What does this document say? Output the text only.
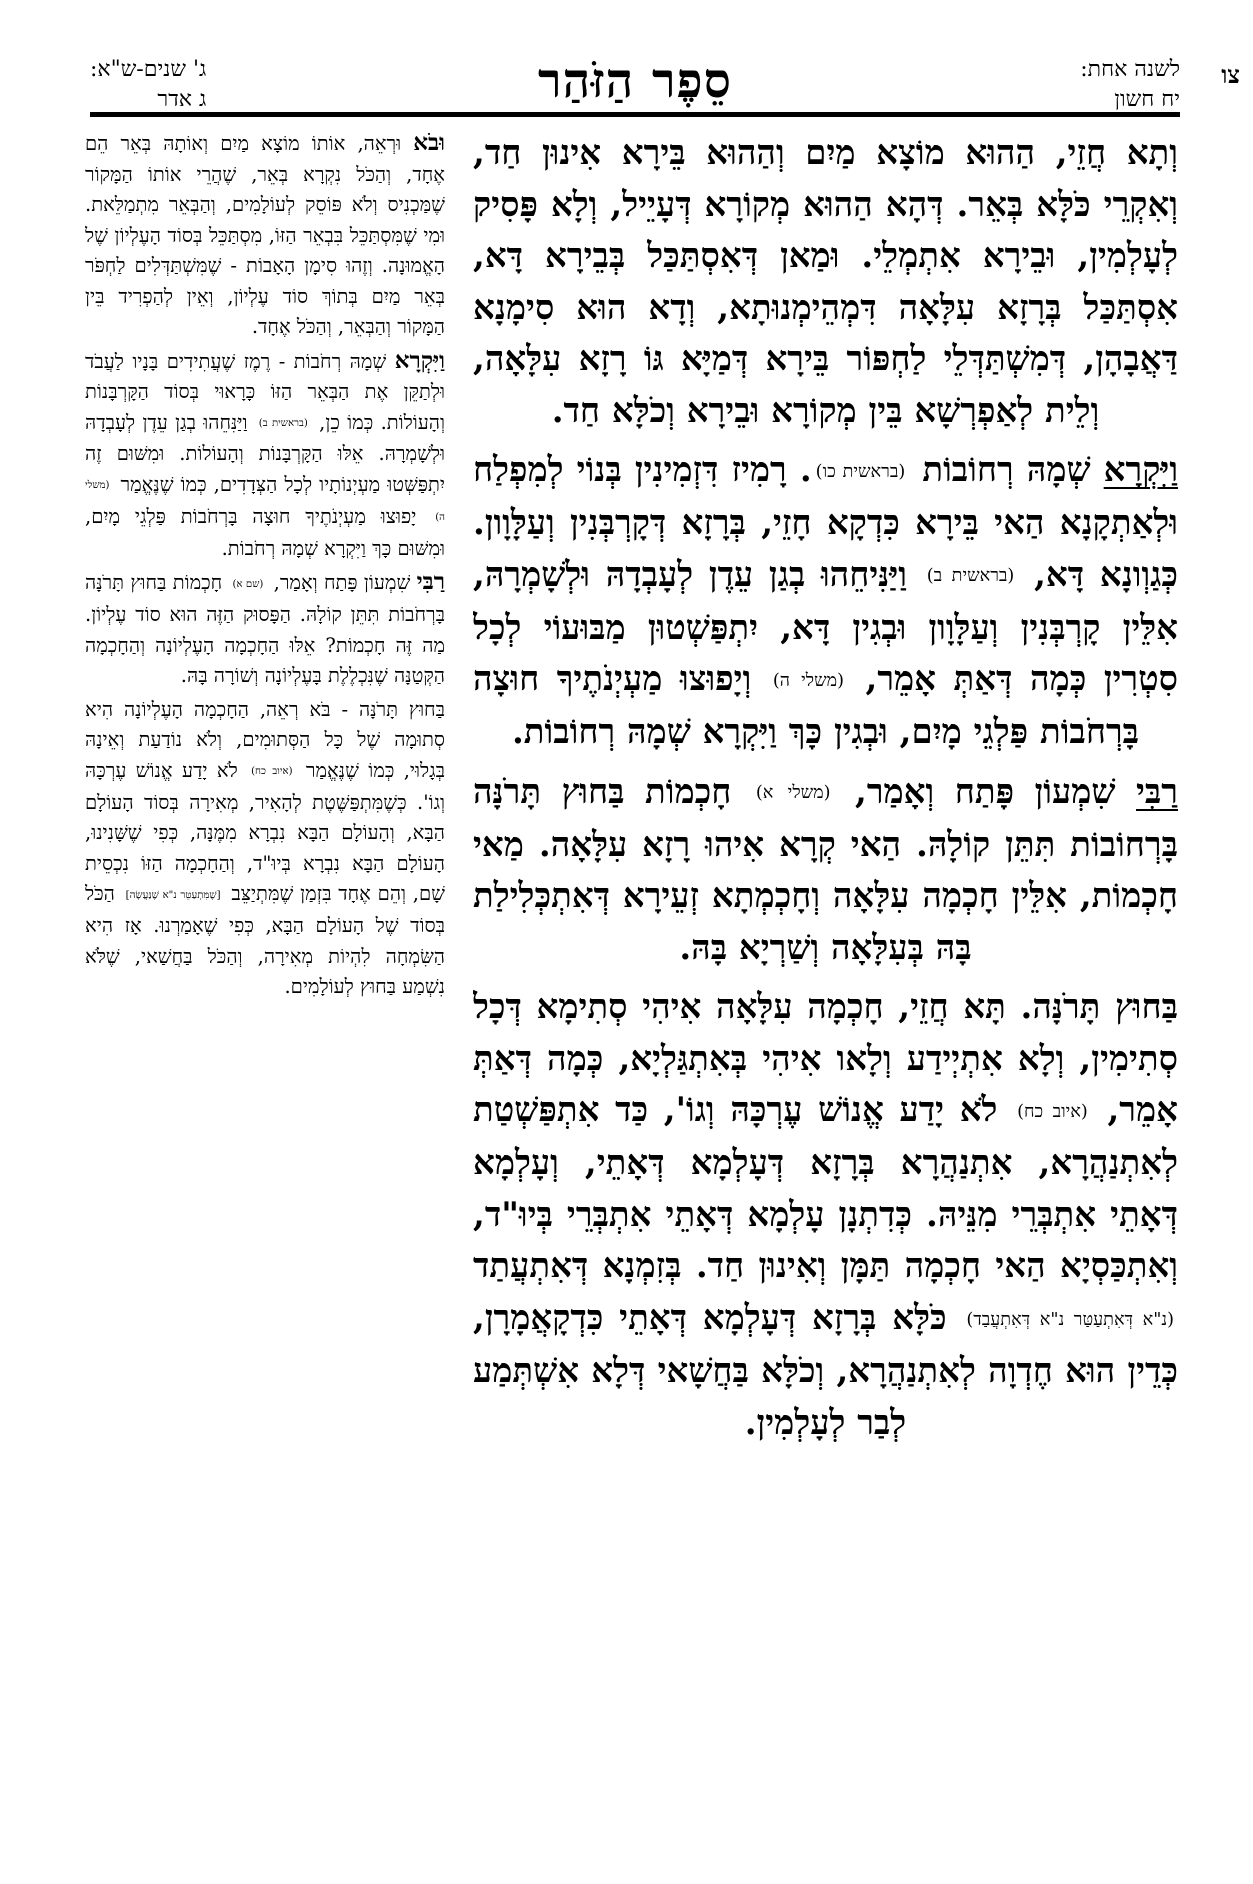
צו
לשנה אחת:
יח חשון
סֵפֶר הַזֹּהַר
ג' שנים-ש"א:
ג אדר

וְתָא חֲזֵי, הַהוּא מוֹצָא מַיִם וְהַהוּא בֵּירָא אִינוּן חַד, וְאִקְרֵי כֹּלָּא בְּאֵר. דְּהָא הַהוּא מְקוֹרָא דְּעָיֵיל, וְלָא פָּסִיק לְעָלְמִין, וּבֵירָא אִתְמְלֵי. וּמַאן דְּאִסְתַּכַּל בְּבֵירָא דָּא, אִסְתַּכַּל בְּרָזָא עִלָּאָה דִּמְהֵימְנוּתָא, וְדָא הוּא סִימָנָא דַּאֲבָהָן, דְּמִשְׁתַּדְּלֵי לַחְפּוֹר בֵּירָא דְּמַיָּא גּוֹ רָזָא עִלָּאָה, וְלֵית לְאַפְרְשָׁא בֵּין מְקוֹרָא וּבֵירָא וְכֹלָּא חַד.

וַיִּקְרָא שְׁמָהּ רְחוֹבוֹת (בראשית כו). רָמִיז דִּזְמִינִין בְּנוֹי לְמִפְלַח וּלְאַתְקָנָא הַאי בֵּירָא כִּדְקָא חָזֵי, בְּרָזָא דְּקָרְבְּנִין וְעַלָּוָון. כְּגַוְונָא דָּא, (בראשית ב) וַיַּנִּיחֵהוּ בְגַן עֵדֶן לְעָבְדָהּ וּלְשָׁמְרָהּ, אִלֵּין קָרְבְּנִין וְעַלָּוָון וּבְגִין דָּא, יִתְפַּשְׁטוּן מַבּוּעוֹי לְכָל סִטְרִין כְּמָה דְּאַתְּ אָמֵר, (משלי ה) וְיָפוּצוּ מַעְיְנֹתֶיךָ חוּצָה בָּרְחֹבוֹת פַּלְגֵי מָיִם, וּבְגִין כָּךְ וַיִּקְרָא שְׁמָהּ רְחוֹבוֹת.

רַבִּי שִׁמְעוֹן פָּתַח וְאָמַר, (משלי א) חָכְמוֹת בַּחוּץ תָּרֹנָּה בָּרְחוֹבוֹת תִּתֵּן קוֹלָהּ. הַאי קְרָא אִיהוּ רָזָא עִלָּאָה. מַאי חָכְמוֹת, אִלֵּין חָכְמָה עִלָּאָה וְחָכְמְתָא זְעֵירָא דְּאִתְכְּלִילַת בָּהּ בְּעִלָּאָה וְשַׁרְיָא בָּהּ.

בַּחוּץ תָּרֹנָּה. תָּא חֲזֵי, חָכְמָה עִלָּאָה אִיהִי סְתִימָא דְּכָל סְתִימִין, וְלָא אִתְיְידַע וְלָאו אִיהִי בְּאִתְגַּלְיָא, כְּמָה דְּאַתְּ אָמֵר, (איוב כח) לֹא יָדַע אֱנוֹשׁ עֶרְכָּהּ וְגוֹ', כַּד אִתְפַּשְׁטַת לְאִתְנַהֲרָא, אִתְנַהֲרָא בְּרָזָא דְּעָלְמָא דְּאָתֵי, וְעָלְמָא דְּאָתֵי אִתְבְּרֵי מִנֵּיהּ. כְּדִתְנָן עָלְמָא דְּאָתֵי אִתְבְּרֵי בְּיוּ"ד, וְאִתְכַּסְיָא הַאי חָכְמָה תַּמָּן וְאִינוּן חַד. בְּזִמְנָא דְּאִתְעֲתַד (נ"א דְּאִתְעַטַּר נ"א דְּאִתְעֲבַד) כֹּלָּא בְּרָזָא דְּעָלְמָא דְּאָתֵי כִּדְקָאֲמָרָן, כְּדֵין הוּא חֶדְוָה לְאִתְנַהֲרָא, וְכֹלָּא בַּחֲשָׁאי דְּלָא אִשְׁתְּמַע לְבַר לְעָלְמִין.

וּבֹא וּרְאֵה, אוֹתוֹ מוֹצָא מַיִם וְאוֹתָהּ בְּאֵר הֵם אֶחָד, וְהַכֹּל נִקְרָא בְּאֵר, שֶׁהֲרֵי אוֹתוֹ הַמָּקוֹר שֶׁמַּכְנִיס וְלֹא פּוֹסֵק לְעוֹלָמִים, וְהַבְּאֵר מִתְמַלֵּאת. וּמִי שֶׁמִּסְתַּכֵּל בִּבְאֵר הַזּוֹ, מִסְתַּכֵּל בְּסוֹד הָעֶלְיוֹן שֶׁל הָאֱמוּנָה. וְזֶהוּ סִימָן הָאָבוֹת - שֶׁמִּשְׁתַּדְּלִים לַחְפֹּר בְּאֵר מַיִם בְּתוֹךְ סוֹד עֶלְיוֹן, וְאֵין לְהַפְרִיד בֵּין הַמָּקוֹר וְהַבְּאֵר, וְהַכֹּל אֶחָד.

וַיִּקְרָא שְׁמָהּ רְחֹבוֹת - רֶמֶז שֶׁעֲתִידִים בָּנָיו לַעֲבֹד וּלְתַקֵּן אֶת הַבְּאֵר הַזּוֹ כָּרָאוּי בְּסוֹד הַקָּרְבָּנוֹת וְהָעוֹלוֹת. כְּמוֹ כֵן, (בראשית ב) וַיַּנִּחֵהוּ בְגַן עֵדֶן לְעָבְדָהּ וּלְשָׁמְרָהּ. אֵלּוּ הַקָּרְבָּנוֹת וְהָעוֹלוֹת. וּמִשּׁוּם זֶה יִתְפַּשְּׁטוּ מַעְיְנוֹתָיו לְכָל הַצְּדָדִים, כְּמוֹ שֶׁנֶּאֱמַר (משלי ה) יָפוּצוּ מַעְיְנֹתֶיךָ חוּצָה בָּרְחֹבוֹת פַּלְגֵי מָיִם, וּמִשּׁוּם כָּךְ וַיִּקְרָא שְׁמָהּ רְחֹבוֹת.

רַבִּי שִׁמְעוֹן פָּתַח וְאָמַר, (שם א) חָכְמוֹת בַּחוּץ תָּרֹנָּה בָּרְחֹבוֹת תִּתֵּן קוֹלָהּ. הַפָּסוּק הַזֶּה הוּא סוֹד עֶלְיוֹן. מַה זֶּה חָכְמוֹת? אֵלּוּ הַחָכְמָה הָעֶלְיוֹנָה וְהַחָכְמָה הַקְּטַנָּה שֶׁנִּכְלֶלֶת בָּעֶלְיוֹנָה וְשׁוֹרָה בָּהּ.

בַּחוּץ תָּרֹנָּה - בֹּא רְאֵה, הַחָכְמָה הָעֶלְיוֹנָה הִיא סְתוּמָה שֶׁל כָּל הַסְּתוּמִים, וְלֹא נוֹדַעַת וְאֵינָהּ בְּגָלוּי, כְּמוֹ שֶׁנֶּאֱמַר (איוב כח) לֹא יָדַע אֱנוֹשׁ עֶרְכָּהּ וְגוֹ'. כְּשֶׁמִּתְפַּשֶּׁטֶת לְהָאִיר, מְאִירָה בְּסוֹד הָעוֹלָם הַבָּא, וְהָעוֹלָם הַבָּא נִבְרָא מִמֶּנָּה, כְּפִי שֶׁשָּׁנִינוּ, הָעוֹלָם הַבָּא נִבְרָא בְּיוּ"ד, וְהַחָכְמָה הַזּוֹ נִכְסֵית שָׁם, וְהֵם אֶחָד בִּזְמַן שֶׁמִּתְיַצֵּב [שֶׁמִּתְעַטֵּר נ"א שֶׁנַּעֲשָׂה] הַכֹּל בְּסוֹד שֶׁל הָעוֹלָם הַבָּא, כְּפִי שֶׁאָמַרְנוּ. אָז הִיא הַשִּׂמְחָה לִהְיוֹת מְאִירָה, וְהַכֹּל בַּחֲשַׁאי, שֶׁלֹּא נִשְׁמַע בַּחוּץ לְעוֹלָמִים.
